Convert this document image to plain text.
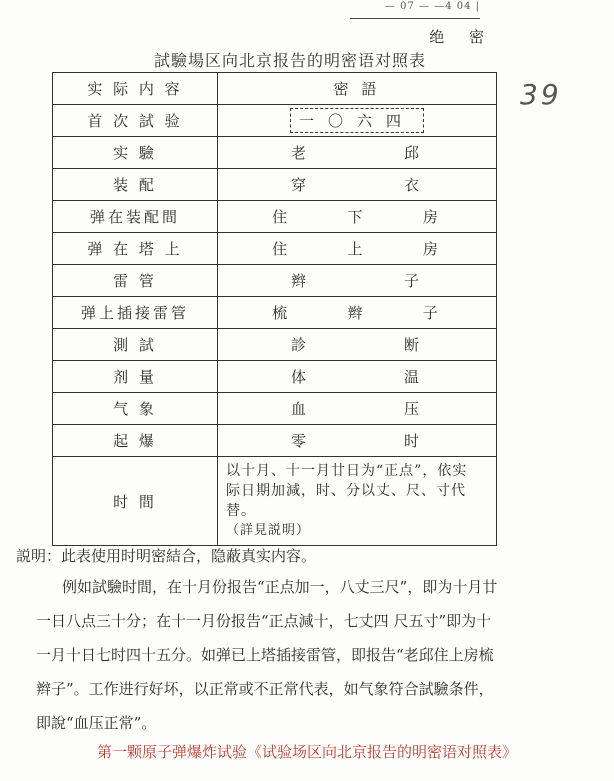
— 07 — —4 04 |
绝 密
試驗場区向北京报告的明密语对照表
39
实 际 内 容	密 語
首 次 試 验	一〇六四
实 驗	老 邱

装 配	穿 衣

弹在装配間	住 下 房

弹 在 塔 上	住 上 房

雷 管	辫 子

弹上插接雷管	梳 辫 子

測 試	診 断

剂 量	体 温

气 象	血 压

起 爆	零 时

时 間	以十月、十一月廿日为“正点”，依实
际日期加減，时、分以丈、尺、寸代替。
（詳見説明）
説明：此表使用时明密結合，隐蔽真实内容。
例如試驗时間，在十月份报告“正点加一，八丈三尺”，即为十月廿一日八点三十分；在十一月份报告“正点減十，七丈四 尺五寸”即为十一月十日七时四十五分。如弹已上塔插接雷管，即报告“老邱住上房梳辫子”。工作进行好坏，以正常或不正常代表，如气象符合試驗条件，即說“血压正常”。
第一颗原子弹爆炸试验《试验场区向北京报告的明密语对照表》
